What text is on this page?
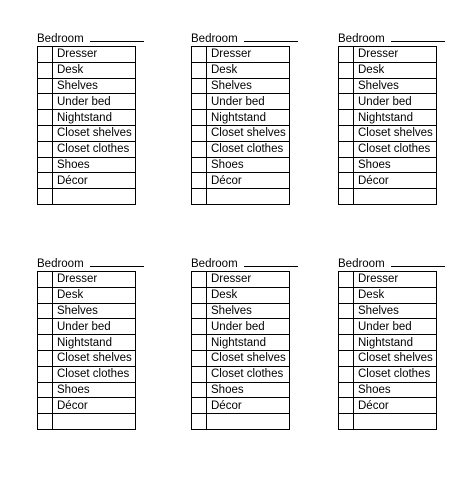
Bedroom
	Dresser
	Desk
	Shelves
	Under bed
	Nightstand
	Closet shelves
	Closet clothes
	Shoes
	Décor

Bedroom
	Dresser
	Desk
	Shelves
	Under bed
	Nightstand
	Closet shelves
	Closet clothes
	Shoes
	Décor

Bedroom
	Dresser
	Desk
	Shelves
	Under bed
	Nightstand
	Closet shelves
	Closet clothes
	Shoes
	Décor

Bedroom
	Dresser
	Desk
	Shelves
	Under bed
	Nightstand
	Closet shelves
	Closet clothes
	Shoes
	Décor

Bedroom
	Dresser
	Desk
	Shelves
	Under bed
	Nightstand
	Closet shelves
	Closet clothes
	Shoes
	Décor

Bedroom
	Dresser
	Desk
	Shelves
	Under bed
	Nightstand
	Closet shelves
	Closet clothes
	Shoes
	Décor
